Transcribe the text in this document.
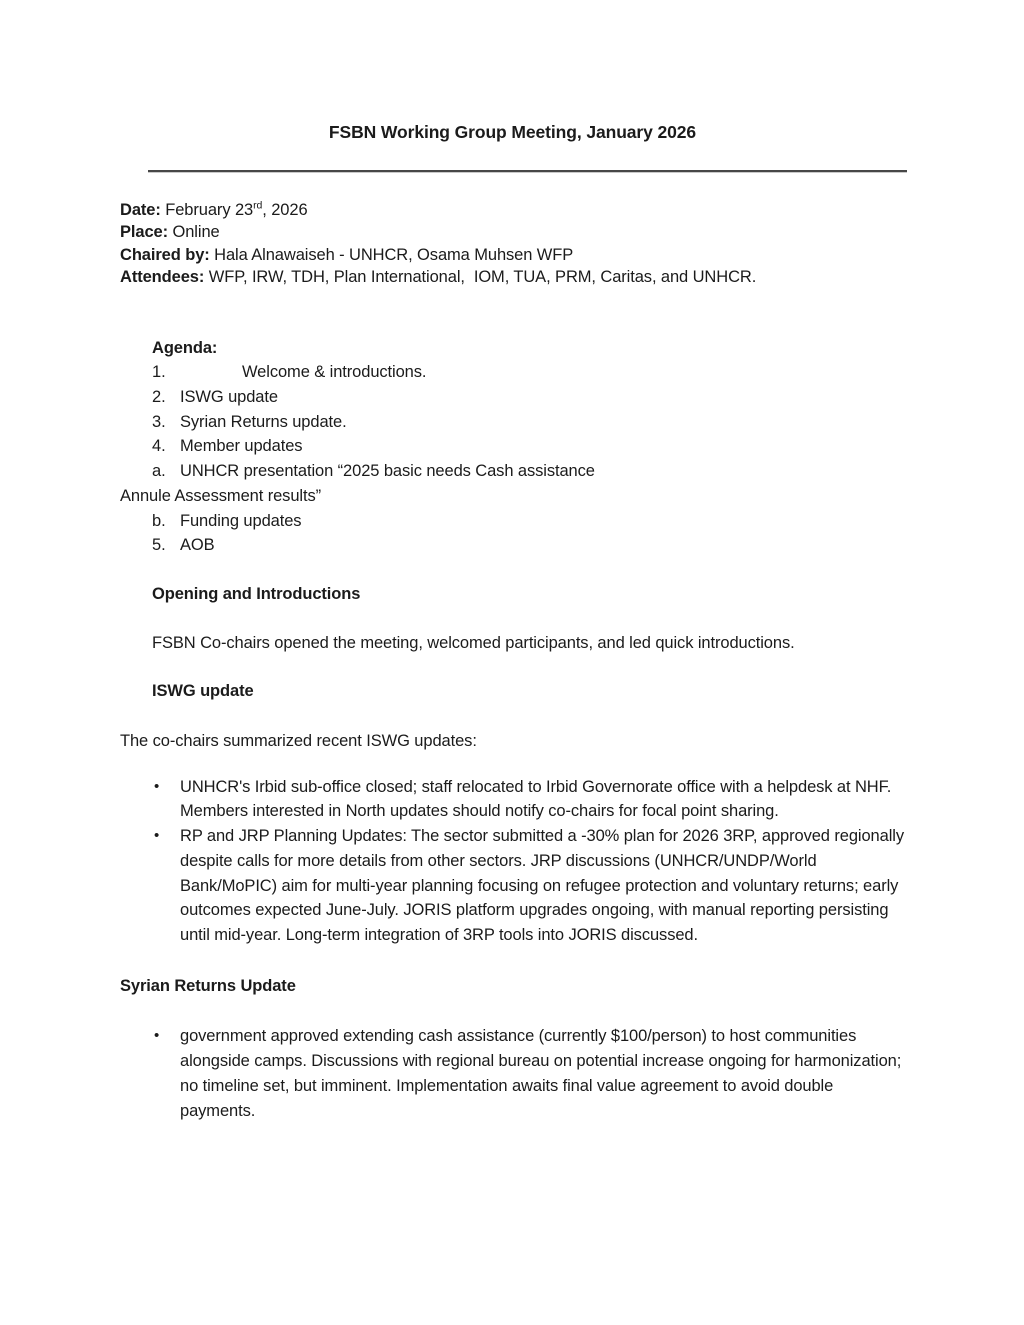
FSBN Working Group Meeting, January 2026
Date: February 23rd, 2026
Place: Online
Chaired by: Hala Alnawaiseh - UNHCR, Osama Muhsen WFP
Attendees: WFP, IRW, TDH, Plan International,  IOM, TUA, PRM, Caritas, and UNHCR.
Agenda:
1.	Welcome & introductions.
2. ISWG update
3. Syrian Returns update.
4. Member updates
a. UNHCR presentation “2025 basic needs Cash assistance
Annule Assessment results”
b. Funding updates
5. AOB
Opening and Introductions
FSBN Co-chairs opened the meeting, welcomed participants, and led quick introductions.
ISWG update
The co-chairs summarized recent ISWG updates:
•	UNHCR's Irbid sub-office closed; staff relocated to Irbid Governorate office with a helpdesk at NHF. Members interested in North updates should notify co-chairs for focal point sharing.
•	RP and JRP Planning Updates: The sector submitted a -30% plan for 2026 3RP, approved regionally despite calls for more details from other sectors. JRP discussions (UNHCR/UNDP/World Bank/MoPIC) aim for multi-year planning focusing on refugee protection and voluntary returns; early outcomes expected June-July. JORIS platform upgrades ongoing, with manual reporting persisting until mid-year. Long-term integration of 3RP tools into JORIS discussed.
Syrian Returns Update
•	government approved extending cash assistance (currently $100/person) to host communities alongside camps. Discussions with regional bureau on potential increase ongoing for harmonization; no timeline set, but imminent. Implementation awaits final value agreement to avoid double payments.
